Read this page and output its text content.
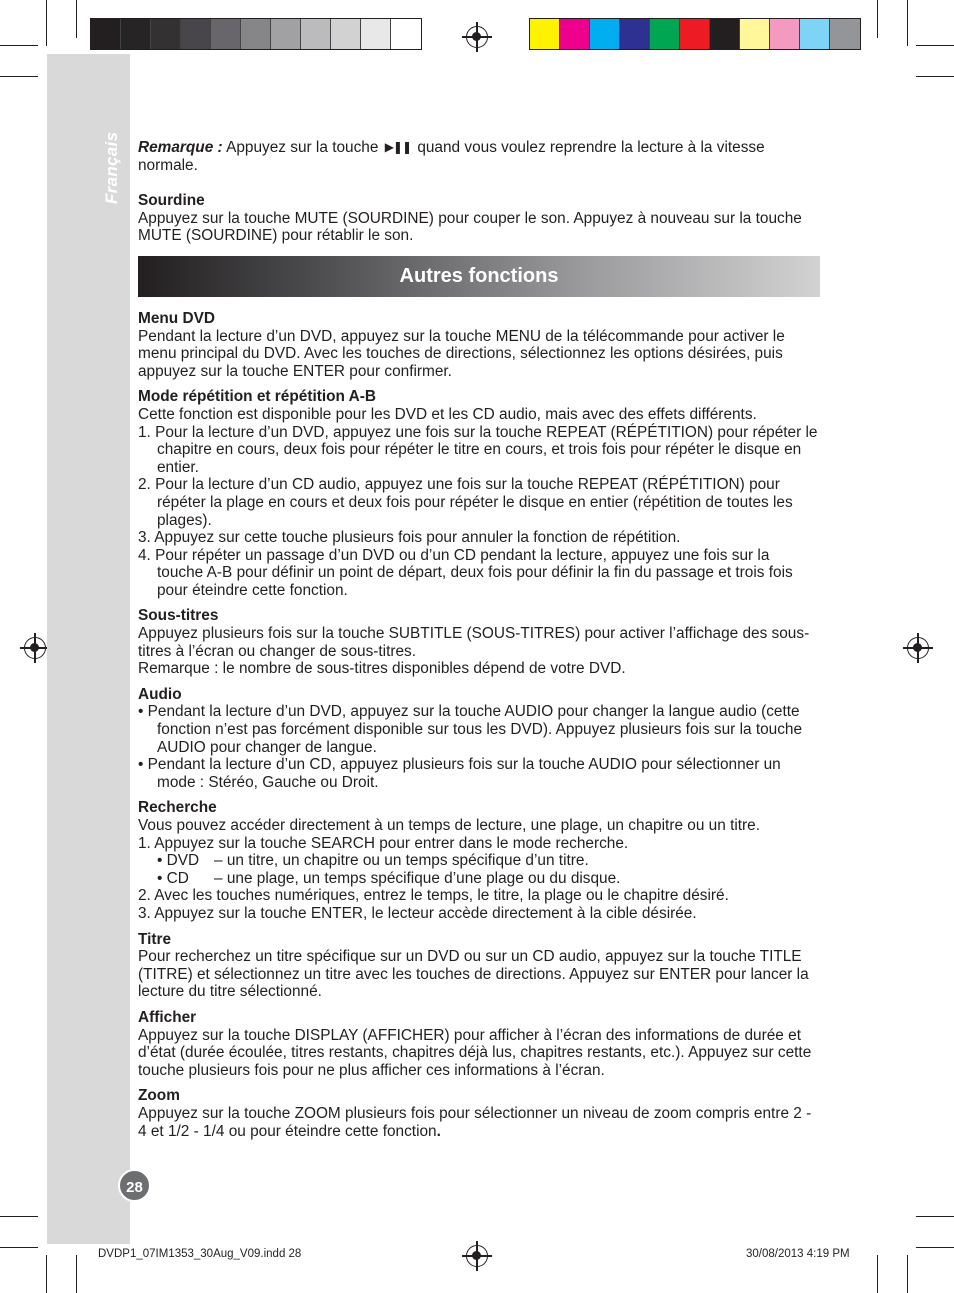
Français
28

Remarque : Appuyez sur la touche ▶❚❚ quand vous voulez reprendre la lecture à la vitesse normale.

Sourdine

Appuyez sur la touche MUTE (SOURDINE) pour couper le son. Appuyez à nouveau sur la touche MUTE (SOURDINE) pour rétablir le son.

Autres fonctions

Menu DVD

Pendant la lecture d’un DVD, appuyez sur la touche MENU de la télécommande pour activer le menu principal du DVD. Avec les touches de directions, sélectionnez les options désirées, puis appuyez sur la touche ENTER pour confirmer.

Mode répétition et répétition A-B

Cette fonction est disponible pour les DVD et les CD audio, mais avec des effets différents.

1. Pour la lecture d’un DVD, appuyez une fois sur la touche REPEAT (RÉPÉTITION) pour répéter le chapitre en cours, deux fois pour répéter le titre en cours, et trois fois pour répéter le disque en entier.

2. Pour la lecture d’un CD audio, appuyez une fois sur la touche REPEAT (RÉPÉTITION) pour répéter la plage en cours et deux fois pour répéter le disque en entier (répétition de toutes les plages).

3. Appuyez sur cette touche plusieurs fois pour annuler la fonction de répétition.

4. Pour répéter un passage d’un DVD ou d’un CD pendant la lecture, appuyez une fois sur la touche A-B pour définir un point de départ, deux fois pour définir la fin du passage et trois fois pour éteindre cette fonction.

Sous-titres

Appuyez plusieurs fois sur la touche SUBTITLE (SOUS-TITRES) pour activer l’affichage des sous-titres à l’écran ou changer de sous-titres.

Remarque : le nombre de sous-titres disponibles dépend de votre DVD.

Audio

• Pendant la lecture d’un DVD, appuyez sur la touche AUDIO pour changer la langue audio (cette fonction n’est pas forcément disponible sur tous les DVD). Appuyez plusieurs fois sur la touche AUDIO pour changer de langue.

• Pendant la lecture d’un CD, appuyez plusieurs fois sur la touche AUDIO pour sélectionner un mode : Stéréo, Gauche ou Droit.

Recherche

Vous pouvez accéder directement à un temps de lecture, une plage, un chapitre ou un titre.

1. Appuyez sur la touche SEARCH pour entrer dans le mode recherche.

• DVD – un titre, un chapitre ou un temps spécifique d’un titre.

• CD – une plage, un temps spécifique d’une plage ou du disque.

2. Avec les touches numériques, entrez le temps, le titre, la plage ou le chapitre désiré.

3. Appuyez sur la touche ENTER, le lecteur accède directement à la cible désirée.

Titre

Pour recherchez un titre spécifique sur un DVD ou sur un CD audio, appuyez sur la touche TITLE (TITRE) et sélectionnez un titre avec les touches de directions. Appuyez sur ENTER pour lancer la lecture du titre sélectionné.

Afficher

Appuyez sur la touche DISPLAY (AFFICHER) pour afficher à l’écran des informations de durée et d’état (durée écoulée, titres restants, chapitres déjà lus, chapitres restants, etc.). Appuyez sur cette touche plusieurs fois pour ne plus afficher ces informations à l’écran.

Zoom

Appuyez sur la touche ZOOM plusieurs fois pour sélectionner un niveau de zoom compris entre 2 - 4 et 1/2 - 1/4 ou pour éteindre cette fonction.

DVDP1_07IM1353_30Aug_V09.indd 28	30/08/2013 4:19 PM
